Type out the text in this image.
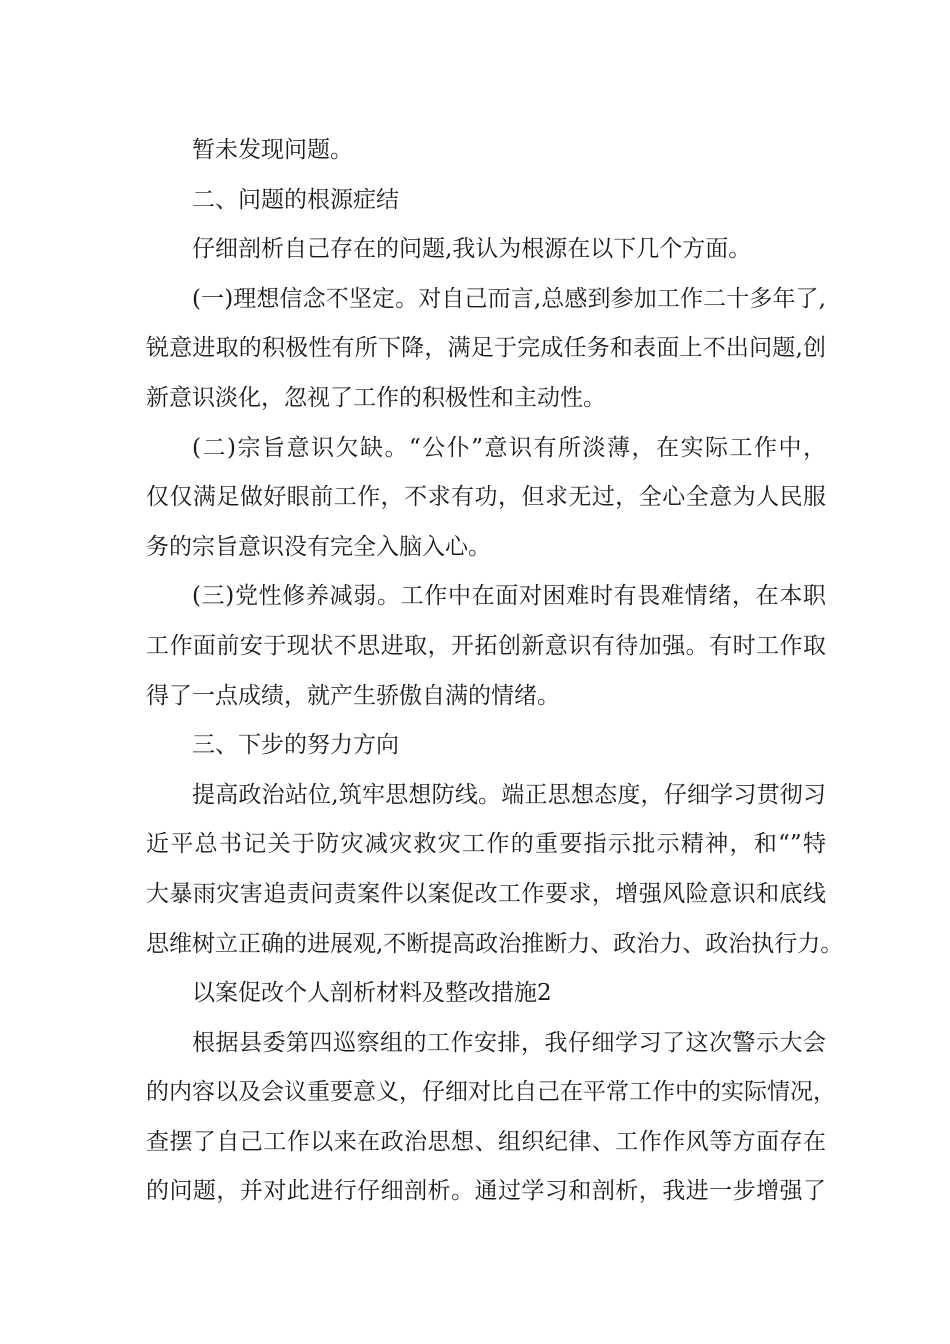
暂未发现问题。
二、问题的根源症结
仔细剖析自己存在的问题,我认为根源在以下几个方面。
(一)理想信念不坚定。对自己而言,总感到参加工作二十多年了,
锐意进取的积极性有所下降，满足于完成任务和表面上不出问题,创
新意识淡化，忽视了工作的积极性和主动性。
(二)宗旨意识欠缺。“公仆”意识有所淡薄，在实际工作中，
仅仅满足做好眼前工作，不求有功，但求无过，全心全意为人民服
务的宗旨意识没有完全入脑入心。
(三)党性修养减弱。工作中在面对困难时有畏难情绪，在本职
工作面前安于现状不思进取，开拓创新意识有待加强。有时工作取
得了一点成绩，就产生骄傲自满的情绪。
三、下步的努力方向
提高政治站位,筑牢思想防线。端正思想态度，仔细学习贯彻习
近平总书记关于防灾减灾救灾工作的重要指示批示精神，和“”特
大暴雨灾害追责问责案件以案促改工作要求，增强风险意识和底线
思维树立正确的进展观,不断提高政治推断力、政治力、政治执行力。
以案促改个人剖析材料及整改措施2
根据县委第四巡察组的工作安排，我仔细学习了这次警示大会
的内容以及会议重要意义，仔细对比自己在平常工作中的实际情况，
查摆了自己工作以来在政治思想、组织纪律、工作作风等方面存在
的问题，并对此进行仔细剖析。通过学习和剖析，我进一步增强了
